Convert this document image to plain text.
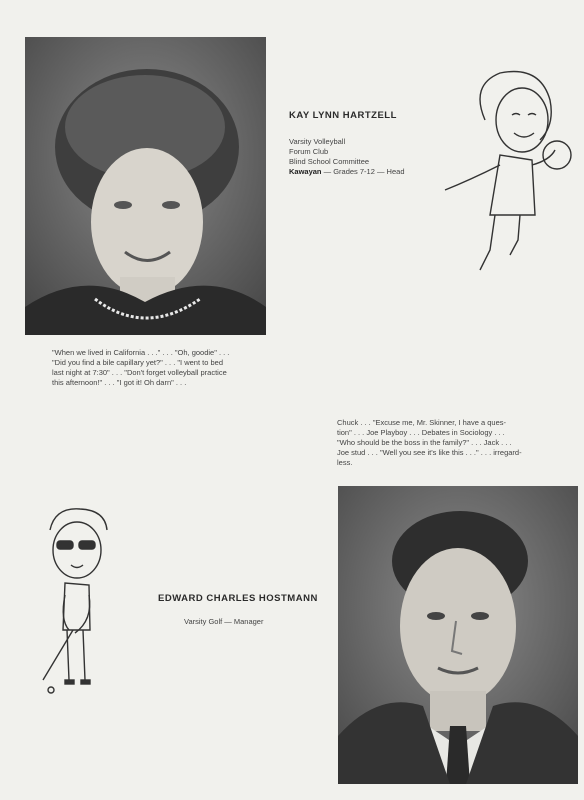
KAY LYNN HARTZELL
Varsity Volleyball
Forum Club
Blind School Committee
Kawayan — Grades 7-12 — Head
"When we lived in California . . ." . . . "Oh, goodie" . . .
"Did you find a bile capillary yet?" . . . "I went to bed
last night at 7:30" . . . "Don't forget volleyball practice
this afternoon!" . . . "I got it! Oh darn" . . .
Chuck . . . "Excuse me, Mr. Skinner, I have a ques-
tion" . . . Joe Playboy . . . Debates in Sociology . . .
"Who should be the boss in the family?" . . . Jack . . .
Joe stud . . . "Well you see it's like this . . ." . . . irregard-
less.
EDWARD CHARLES HOSTMANN
Varsity Golf — Manager
